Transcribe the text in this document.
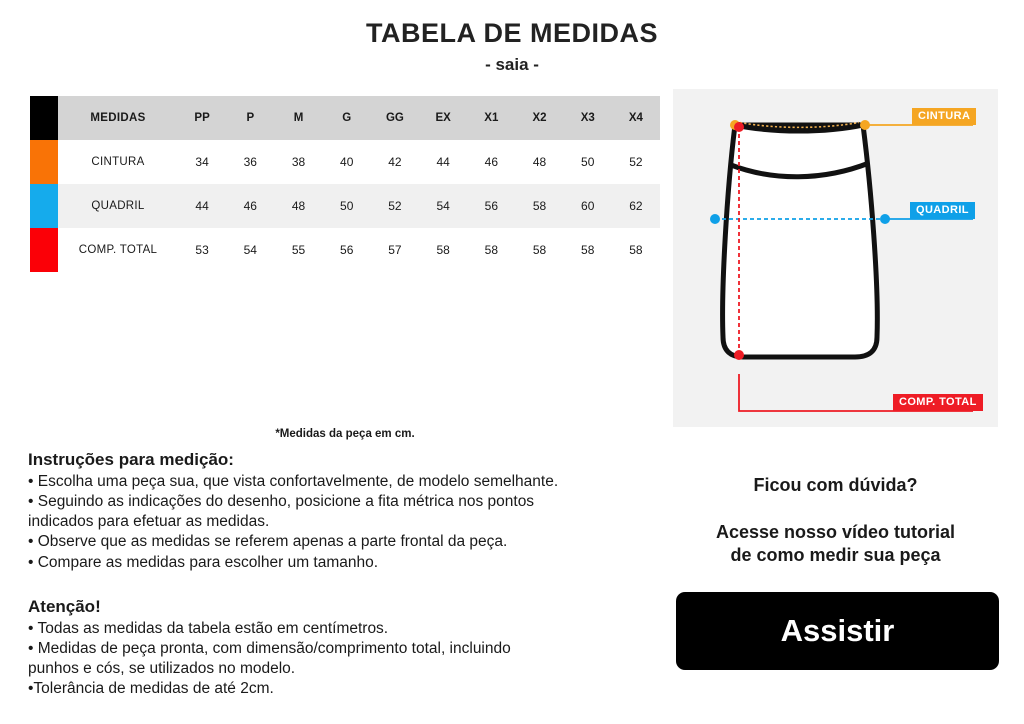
TABELA DE MEDIDAS
- saia -
MEDIDAS	PP	P	M	G	GG	EX	X1	X2	X3	X4
CINTURA	34	36	38	40	42	44	46	48	50	52
QUADRIL	44	46	48	50	52	54	56	58	60	62
COMP. TOTAL	53	54	55	56	57	58	58	58	58	58
*Medidas da peça em cm.

Instruções para medição:

• Escolha uma peça sua, que vista confortavelmente, de modelo semelhante.

• Seguindo as indicações do desenho, posicione a fita métrica nos pontos

indicados para efetuar as medidas.

• Observe que as medidas se referem apenas a parte frontal da peça.

• Compare as medidas para escolher um tamanho.

Atenção!

• Todas as medidas da tabela estão em centímetros.

• Medidas de peça pronta, com dimensão/comprimento total, incluindo

punhos e cós, se utilizados no modelo.

•Tolerância de medidas de até 2cm.

CINTURA
QUADRIL
COMP. TOTAL
Ficou com dúvida?
Acesse nosso vídeo tutorial
de como medir sua peça
Assistir
